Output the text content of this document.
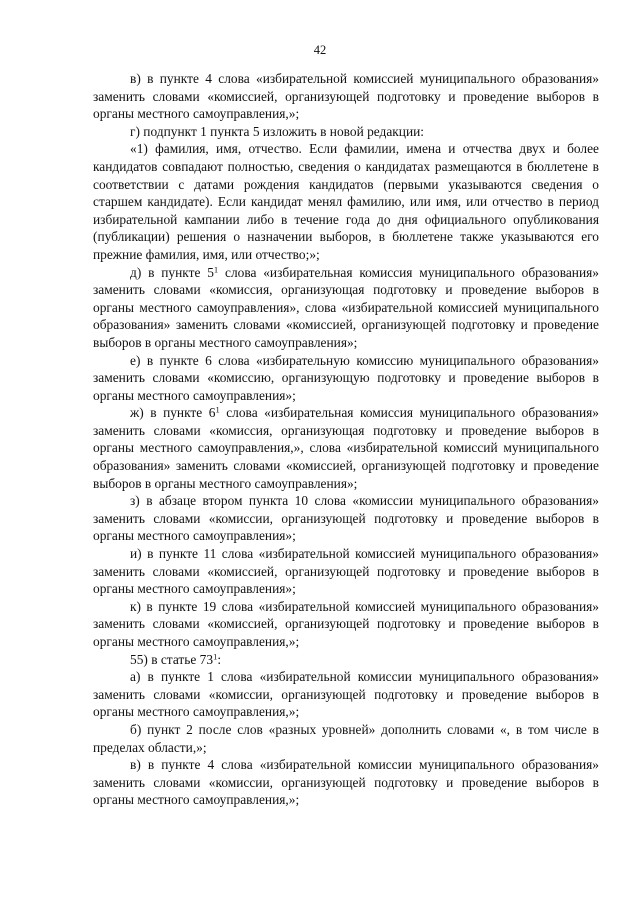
42

в) в пункте 4 слова «избирательной комиссией муниципального образования» заменить словами «комиссией, организующей подготовку и проведение выборов в органы местного самоуправления,»;

г) подпункт 1 пункта 5 изложить в новой редакции:

«1) фамилия, имя, отчество. Если фамилии, имена и отчества двух и более кандидатов совпадают полностью, сведения о кандидатах размещаются в бюллетене в соответствии с датами рождения кандидатов (первыми указываются сведения о старшем кандидате). Если кандидат менял фамилию, или имя, или отчество в период избирательной кампании либо в течение года до дня официального опубликования (публикации) решения о назначении выборов, в бюллетене также указываются его прежние фамилия, имя, или отчество;»;

д) в пункте $5^1$ слова «избирательная комиссия муниципального образования» заменить словами «комиссия, организующая подготовку и проведение выборов в органы местного самоуправления», слова «избирательной комиссией муниципального образования» заменить словами «комиссией, организующей подготовку и проведение выборов в органы местного самоуправления»;

е) в пункте 6 слова «избирательную комиссию муниципального образования» заменить словами «комиссию, организующую подготовку и проведение выборов в органы местного самоуправления»;

ж) в пункте $6^1$ слова «избирательная комиссия муниципального образования» заменить словами «комиссия, организующая подготовку и проведение выборов в органы местного самоуправления,», слова «избирательной комиссий муниципального образования» заменить словами «комиссией, организующей подготовку и проведение выборов в органы местного самоуправления»;

з) в абзаце втором пункта 10 слова «комиссии муниципального образования» заменить словами «комиссии, организующей подготовку и проведение выборов в органы местного самоуправления»;

и) в пункте 11 слова «избирательной комиссией муниципального образования» заменить словами «комиссией, организующей подготовку и проведение выборов в органы местного самоуправления»;

к) в пункте 19 слова «избирательной комиссией муниципального образования» заменить словами «комиссией, организующей подготовку и проведение выборов в органы местного самоуправления,»;

55) в статье $73^1$:

а) в пункте 1 слова «избирательной комиссии муниципального образования» заменить словами «комиссии, организующей подготовку и проведение выборов в органы местного самоуправления,»;

б) пункт 2 после слов «разных уровней» дополнить словами «, в том числе в пределах области,»;

в) в пункте 4 слова «избирательной комиссии муниципального образования» заменить словами «комиссии, организующей подготовку и проведение выборов в органы местного самоуправления,»;
